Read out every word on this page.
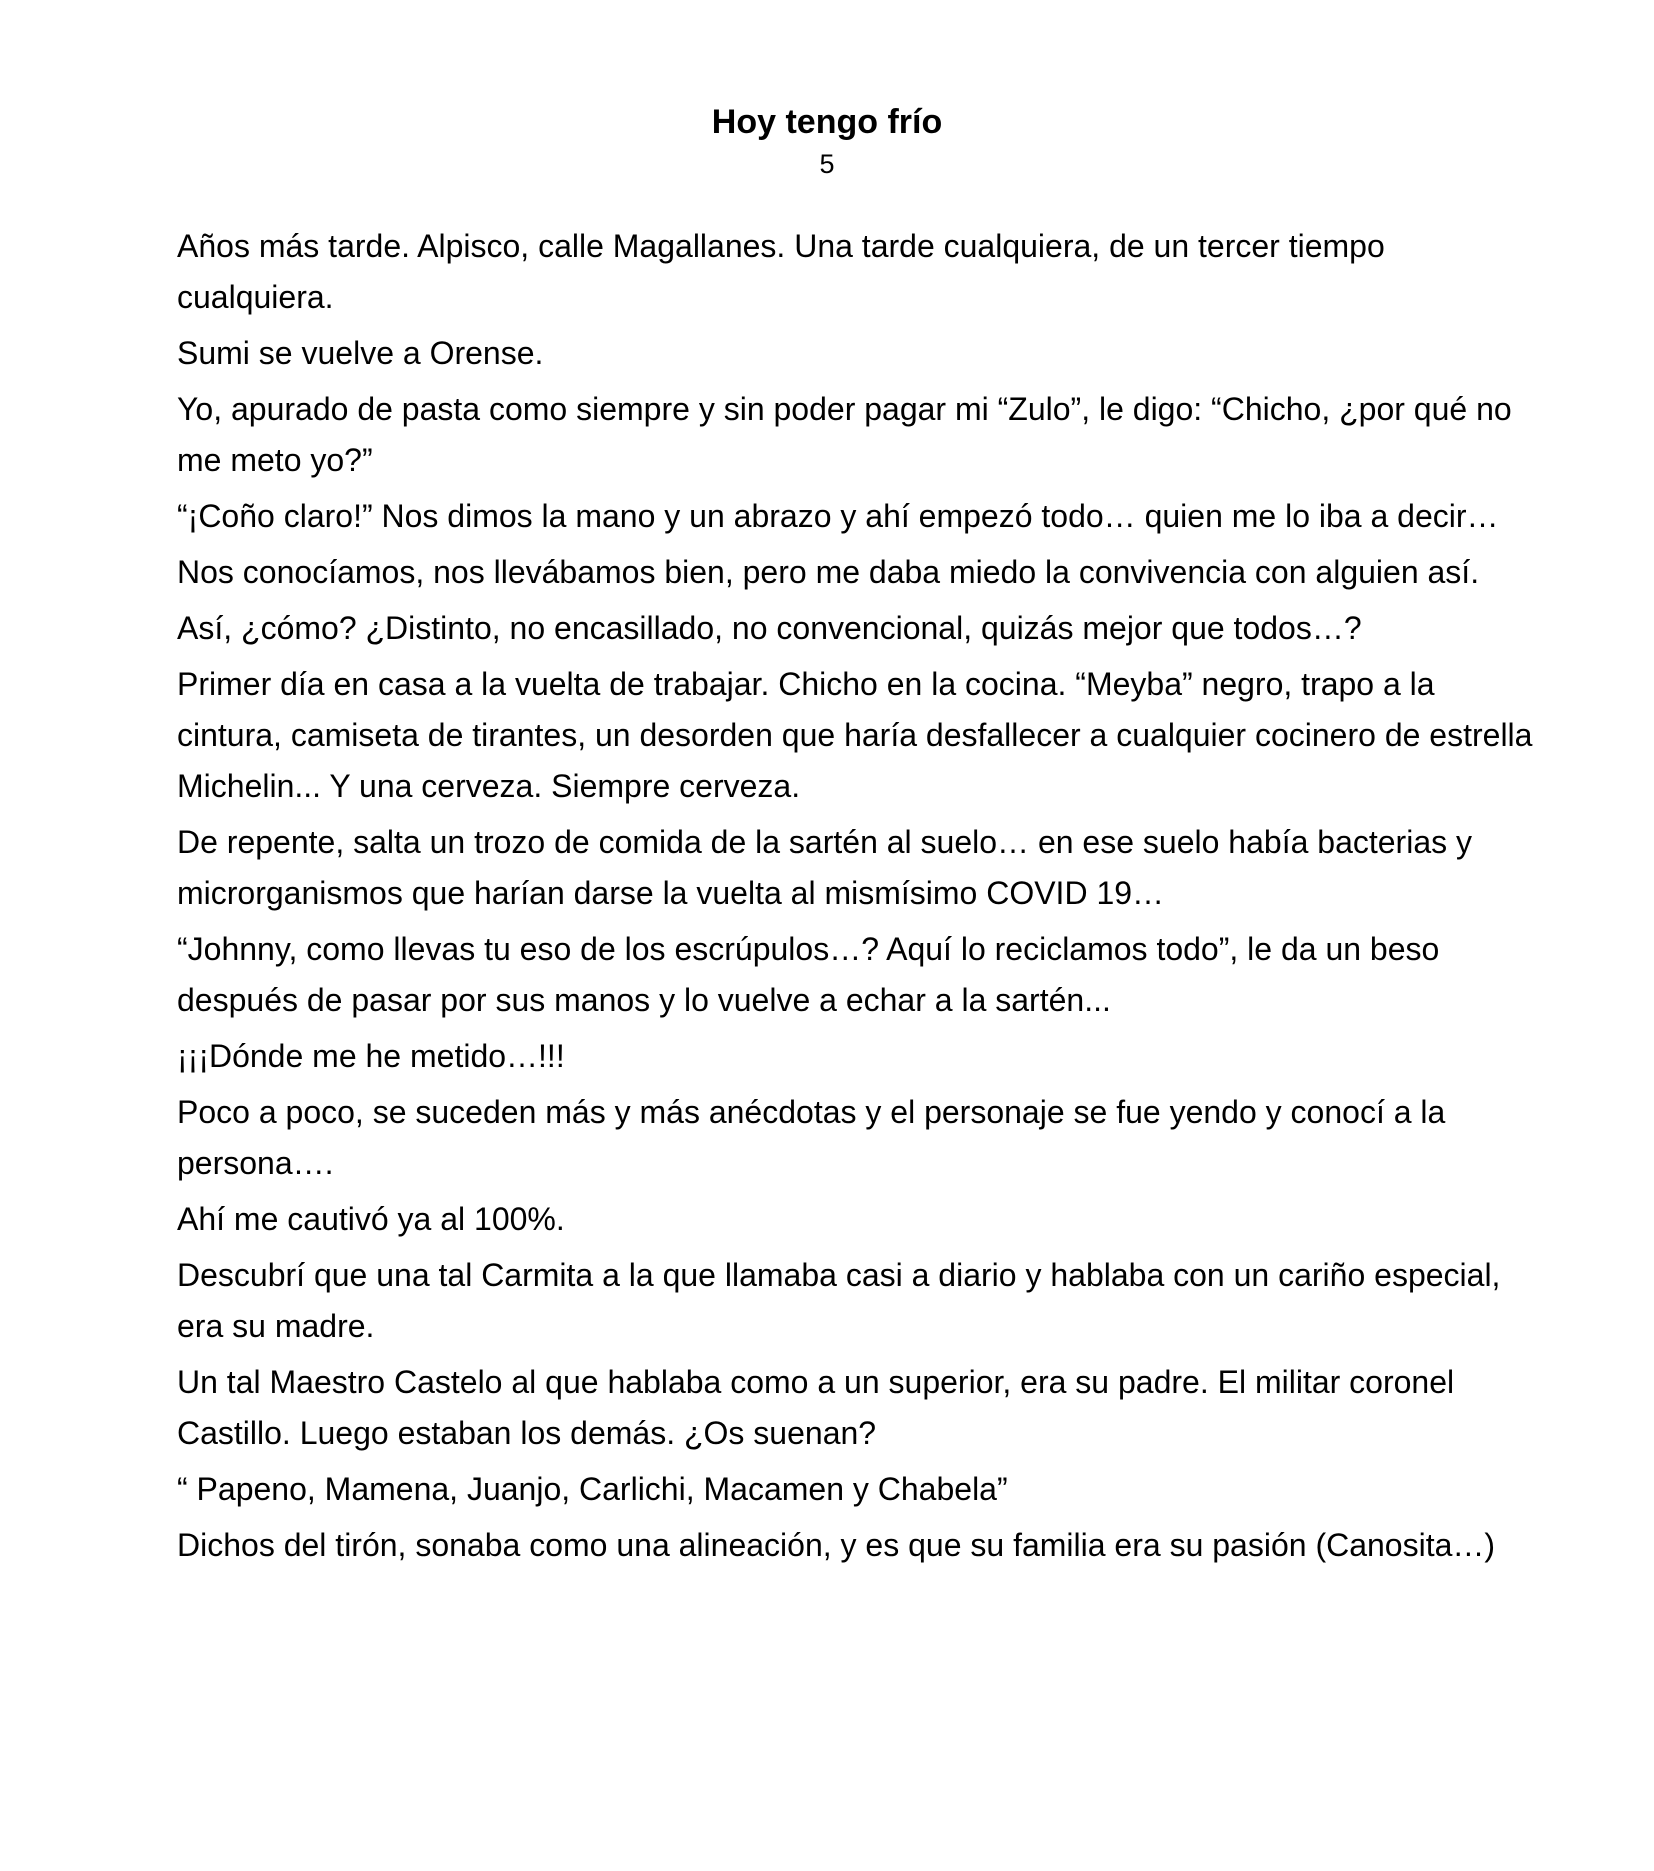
Hoy tengo frío
5

Años más tarde. Alpisco, calle Magallanes. Una tarde cualquiera, de un tercer tiempo cualquiera.

Sumi se vuelve a Orense.

Yo, apurado de pasta como siempre y sin poder pagar mi “Zulo”, le digo: “Chicho, ¿por qué no me meto yo?”

“¡Coño claro!” Nos dimos la mano y un abrazo y ahí empezó todo… quien me lo iba a decir…

Nos conocíamos, nos llevábamos bien, pero me daba miedo la convivencia con alguien así.

Así, ¿cómo? ¿Distinto, no encasillado, no convencional, quizás mejor que todos…?

Primer día en casa a la vuelta de trabajar. Chicho en la cocina. “Meyba” negro, trapo a la cintura, camiseta de tirantes, un desorden que haría desfallecer a cualquier cocinero de estrella Michelin... Y una cerveza. Siempre cerveza.

De repente, salta un trozo de comida de la sartén al suelo… en ese suelo había bacterias y microrganismos que harían darse la vuelta al mismísimo COVID 19…

“Johnny, como llevas tu eso de los escrúpulos…? Aquí lo reciclamos todo”, le da un beso después de pasar por sus manos y lo vuelve a echar a la sartén...

¡¡¡Dónde me he metido…!!!

Poco a poco, se suceden más y más anécdotas y el personaje se fue yendo y conocí a la persona….

Ahí me cautivó ya al 100%.

Descubrí que una tal Carmita a la que llamaba casi a diario y hablaba con un cariño especial, era su madre.

Un tal Maestro Castelo al que hablaba como a un superior, era su padre. El militar coronel Castillo. Luego estaban los demás. ¿Os suenan?

“ Papeno, Mamena, Juanjo, Carlichi, Macamen y Chabela”

Dichos del tirón, sonaba como una alineación, y es que su familia era su pasión (Canosita…)
